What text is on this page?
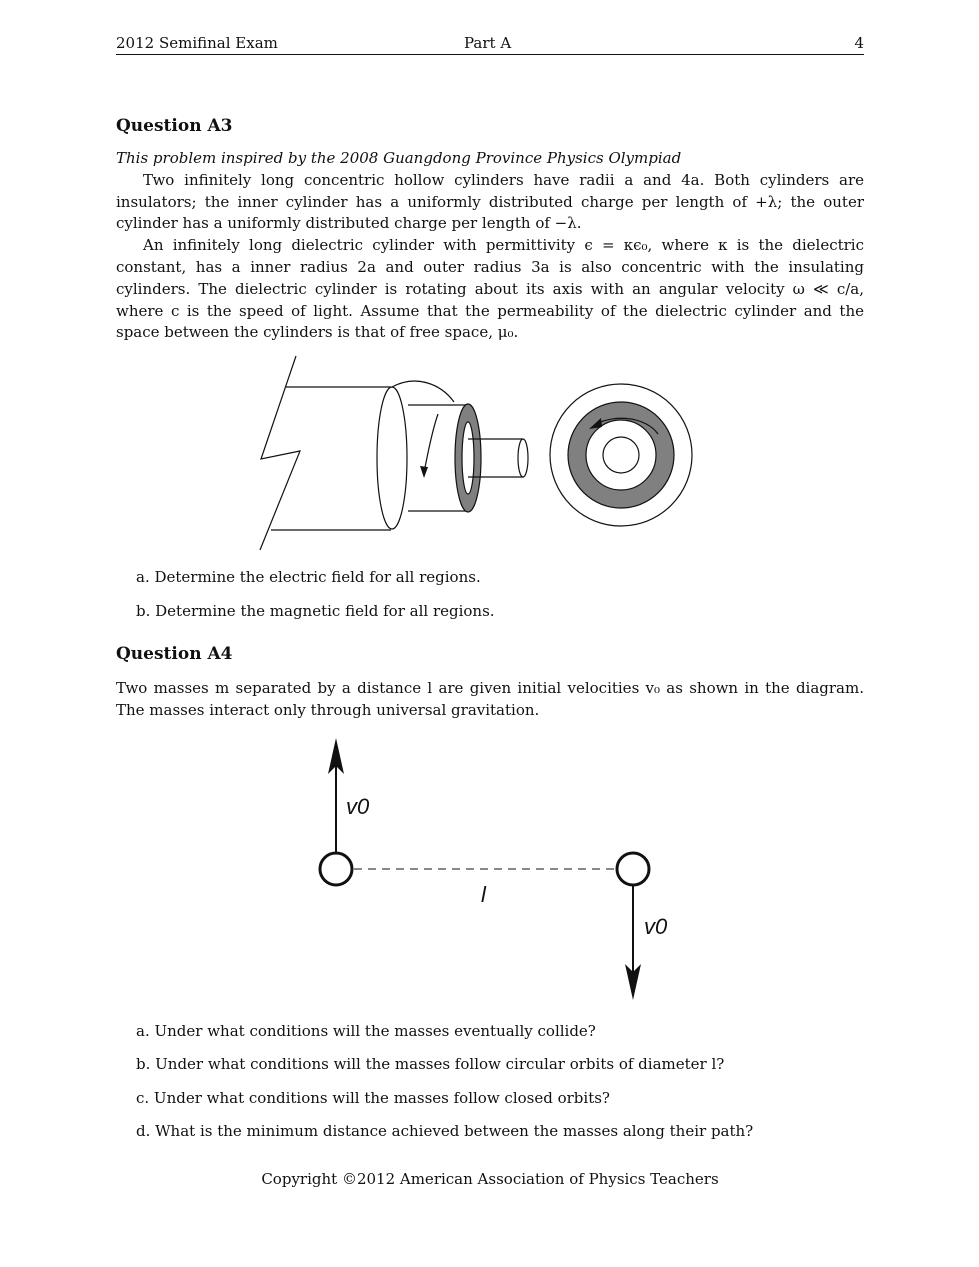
2012 Semifinal Exam	Part A	4
Question A3

This problem inspired by the 2008 Guangdong Province Physics Olympiad

Two infinitely long concentric hollow cylinders have radii a and 4a. Both cylinders are insulators; the inner cylinder has a uniformly distributed charge per length of +λ; the outer cylinder has a uniformly distributed charge per length of −λ.

An infinitely long dielectric cylinder with permittivity ϵ = κϵ₀, where κ is the dielectric constant, has a inner radius 2a and outer radius 3a is also concentric with the insulating cylinders. The dielectric cylinder is rotating about its axis with an angular velocity ω ≪ c/a, where c is the speed of light. Assume that the permeability of the dielectric cylinder and the space between the cylinders is that of free space, μ₀.

a. Determine the electric field for all regions.
b. Determine the magnetic field for all regions.
Question A4

Two masses m separated by a distance l are given initial velocities v₀ as shown in the diagram. The masses interact only through universal gravitation.

v0
l
v0
a. Under what conditions will the masses eventually collide?
b. Under what conditions will the masses follow circular orbits of diameter l?
c. Under what conditions will the masses follow closed orbits?
d. What is the minimum distance achieved between the masses along their path?
Copyright ©2012 American Association of Physics Teachers
